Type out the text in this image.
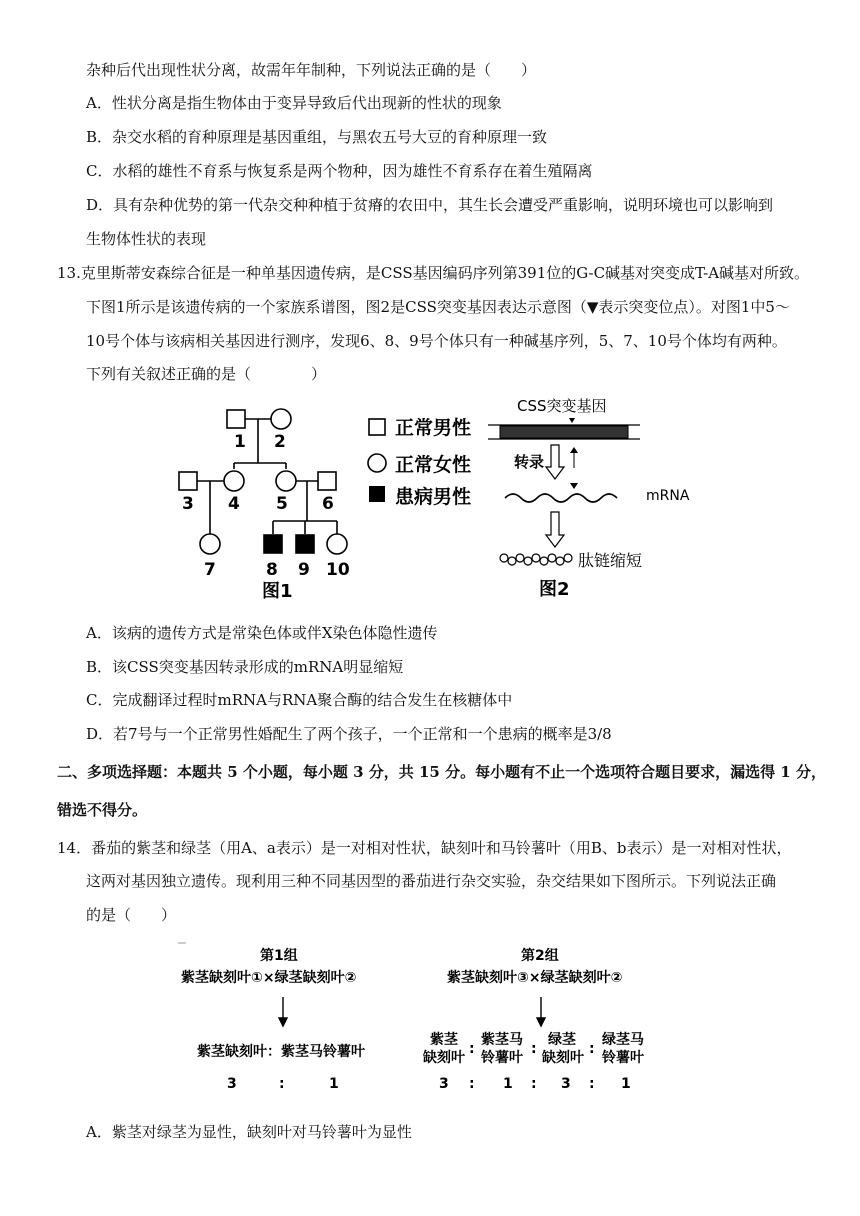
杂种后代出现性状分离，故需年年制种，下列说法正确的是（　　）
A．性状分离是指生物体由于变异导致后代出现新的性状的现象
B．杂交水稻的育种原理是基因重组，与黑农五号大豆的育种原理一致
C．水稻的雄性不育系与恢复系是两个物种，因为雄性不育系存在着生殖隔离
D．具有杂种优势的第一代杂交种种植于贫瘠的农田中，其生长会遭受严重影响，说明环境也可以影响到
生物体性状的表现
13.克里斯蒂安森综合征是一种单基因遗传病，是CSS基因编码序列第391位的G-C碱基对突变成T-A碱基对所致。
下图1所示是该遗传病的一个家族系谱图，图2是CSS突变基因表达示意图（▼表示突变位点）。对图1中5～
10号个体与该病相关基因进行测序，发现6、8、9号个体只有一种碱基序列，5、7、10号个体均有两种。
下列有关叙述正确的是（　　　　）
1 2
3 4 5 6
7	8 9 10
图1
正常男性
正常女性
患病男性
CSS突变基因
转录
mRNA
肽链缩短
图2
A．该病的遗传方式是常染色体或伴X染色体隐性遗传
B．该CSS突变基因转录形成的mRNA明显缩短
C．完成翻译过程时mRNA与RNA聚合酶的结合发生在核糖体中
D．若7号与一个正常男性婚配生了两个孩子，一个正常和一个患病的概率是3/8
二、多项选择题：本题共 5 个小题，每小题 3 分，共 15 分。每小题有不止一个选项符合题目要求，漏选得 1 分，
错选不得分。
14．番茄的紫茎和绿茎（用A、a表示）是一对相对性状，缺刻叶和马铃薯叶（用B、b表示）是一对相对性状，
这两对基因独立遗传。现利用三种不同基因型的番茄进行杂交实验，杂交结果如下图所示。下列说法正确
的是（　　）
第1组
紫茎缺刻叶①×绿茎缺刻叶②
紫茎缺刻叶：紫茎马铃薯叶
3	:	1
第2组
紫茎缺刻叶③×绿茎缺刻叶②
紫茎
缺刻叶
:
紫茎马
铃薯叶
:
绿茎
缺刻叶
:
绿茎马
铃薯叶
3 : 1 : 3 : 1
A．紫茎对绿茎为显性，缺刻叶对马铃薯叶为显性
